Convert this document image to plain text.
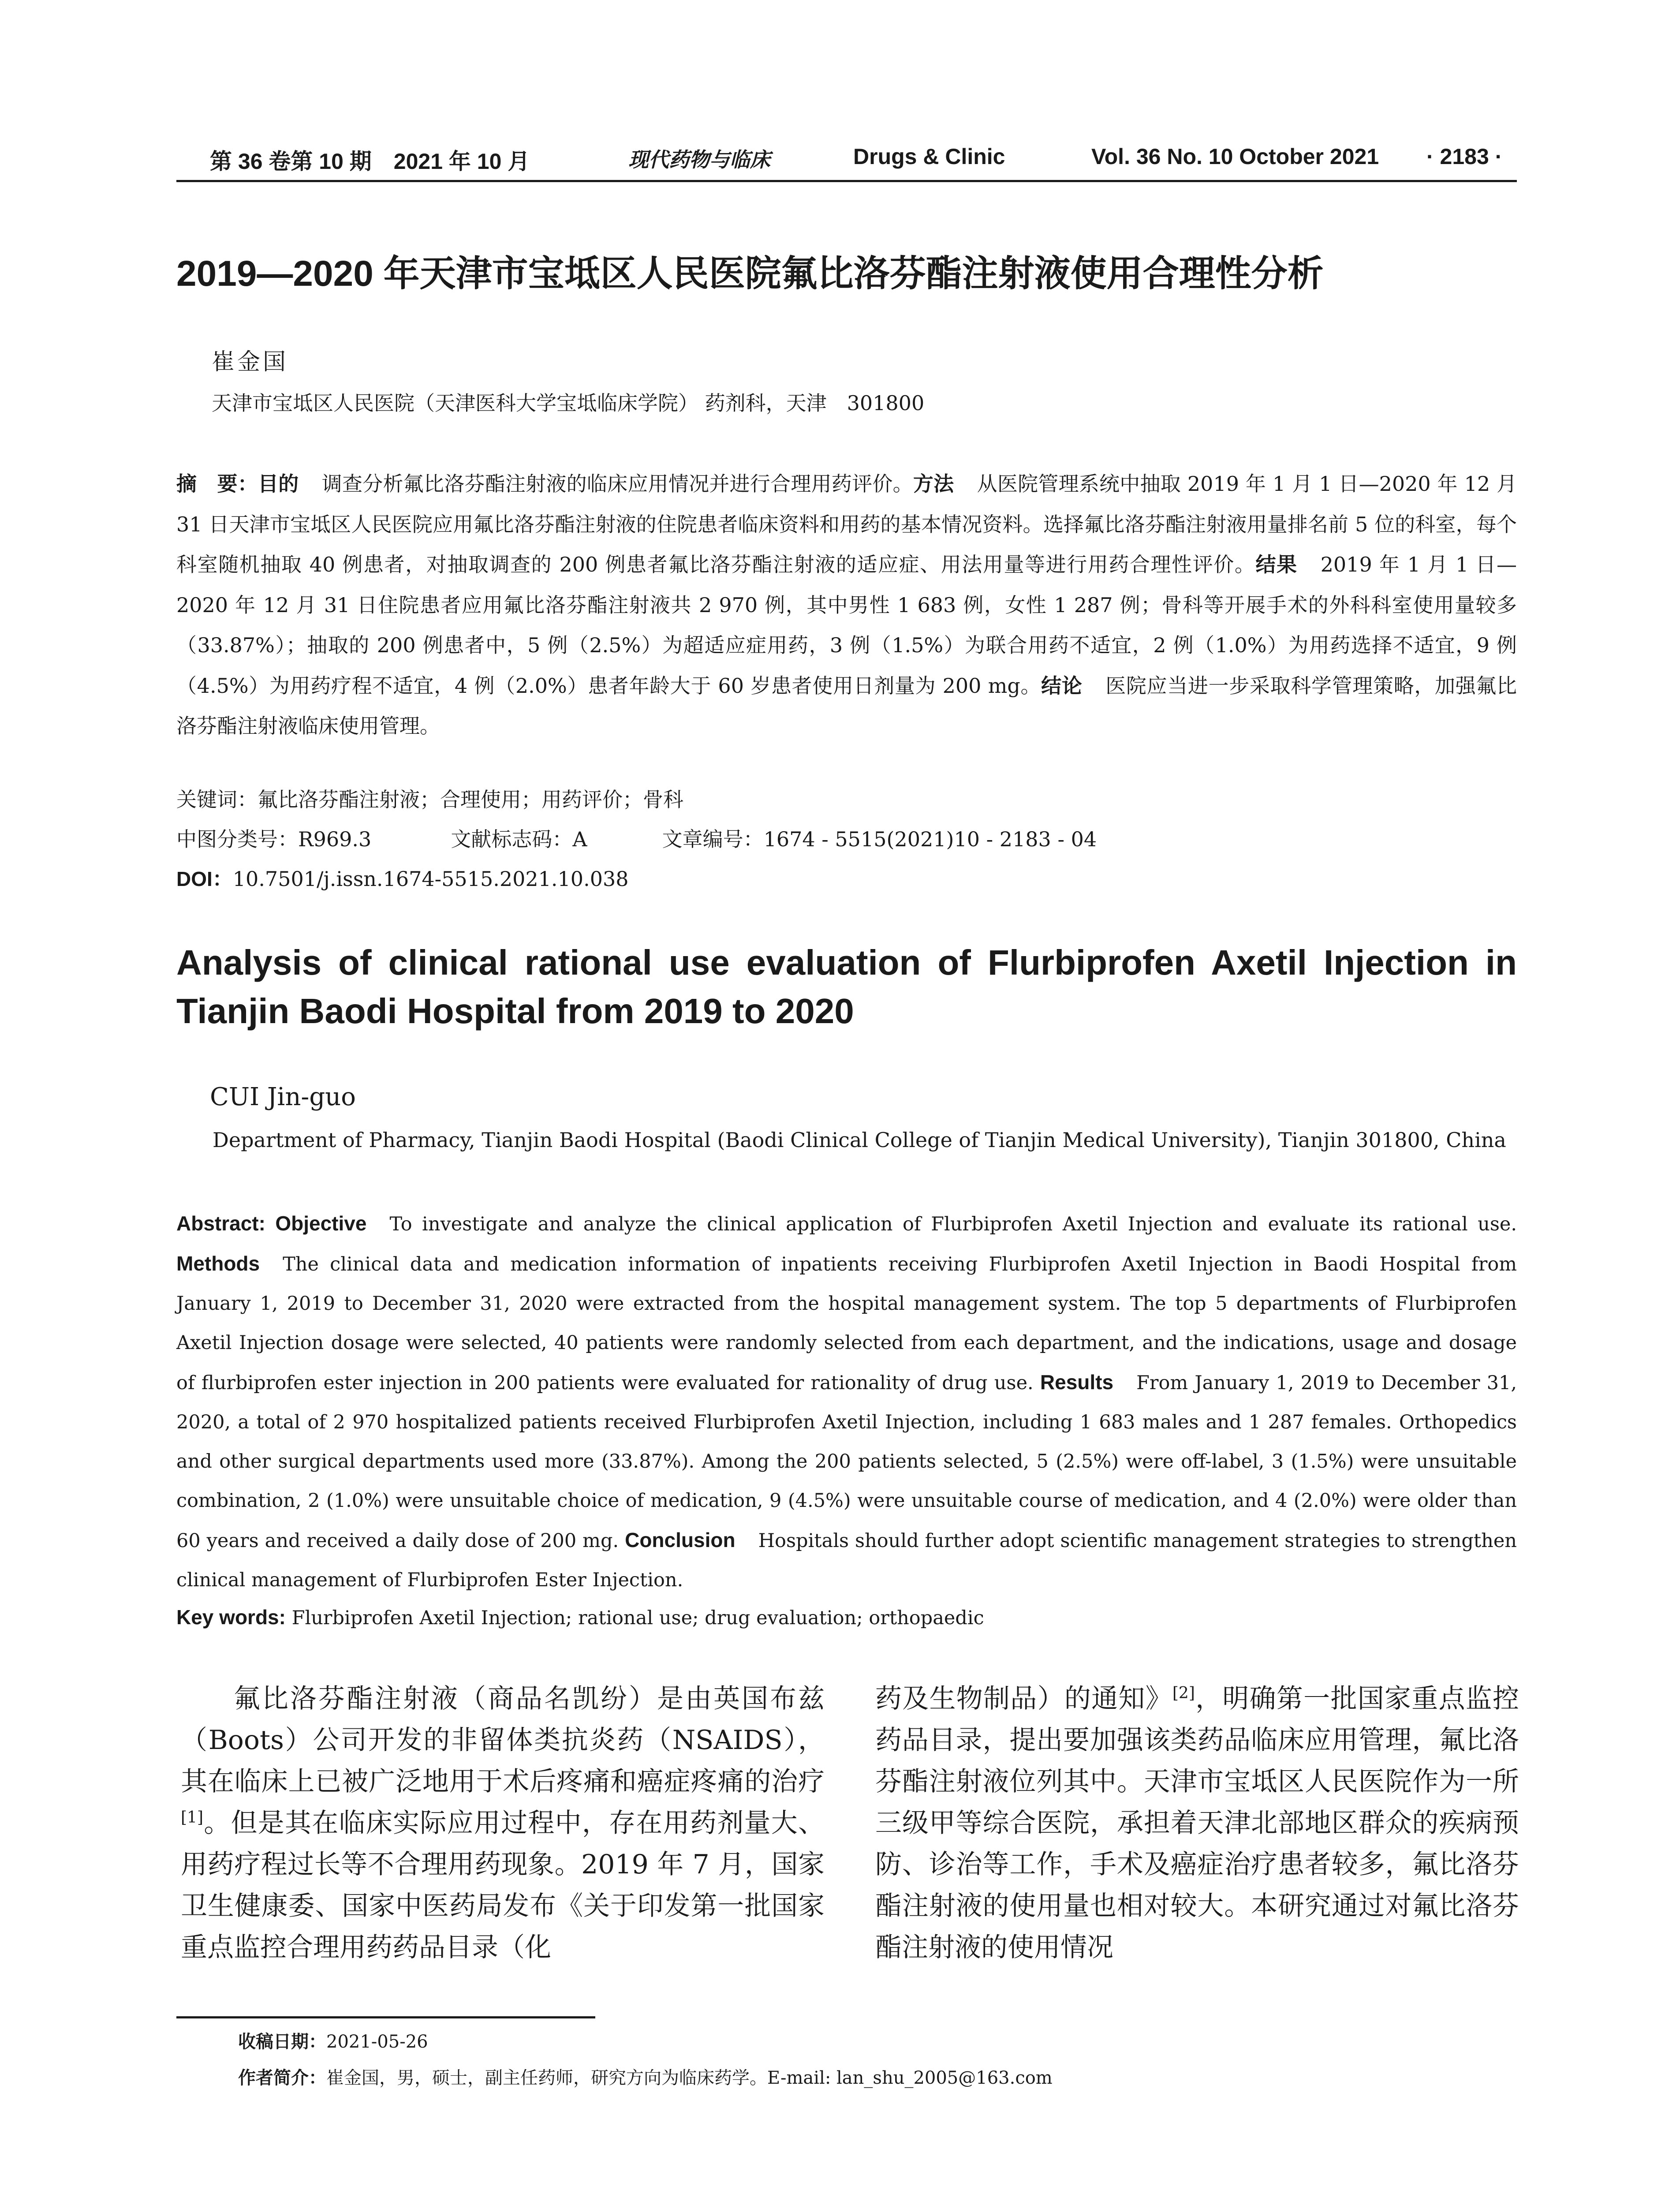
第 36 卷第 10 期　2021 年 10 月	现代药物与临床	Drugs & Clinic	Vol. 36 No. 10 October 2021 · 2183 ·
2019—2020 年天津市宝坻区人民医院氟比洛芬酯注射液使用合理性分析
崔金国
天津市宝坻区人民医院（天津医科大学宝坻临床学院） 药剂科，天津　301800
摘　要：目的 调查分析氟比洛芬酯注射液的临床应用情况并进行合理用药评价。方法 从医院管理系统中抽取 2019 年 1 月 1 日—2020 年 12 月 31 日天津市宝坻区人民医院应用氟比洛芬酯注射液的住院患者临床资料和用药的基本情况资料。选择氟比洛芬酯注射液用量排名前 5 位的科室，每个科室随机抽取 40 例患者，对抽取调查的 200 例患者氟比洛芬酯注射液的适应症、用法用量等进行用药合理性评价。结果 2019 年 1 月 1 日—2020 年 12 月 31 日住院患者应用氟比洛芬酯注射液共 2 970 例，其中男性 1 683 例，女性 1 287 例；骨科等开展手术的外科科室使用量较多（33.87%）；抽取的 200 例患者中，5 例（2.5%）为超适应症用药，3 例（1.5%）为联合用药不适宜，2 例（1.0%）为用药选择不适宜，9 例（4.5%）为用药疗程不适宜，4 例（2.0%）患者年龄大于 60 岁患者使用日剂量为 200 mg。结论 医院应当进一步采取科学管理策略，加强氟比洛芬酯注射液临床使用管理。
关键词：氟比洛芬酯注射液；合理使用；用药评价；骨科
中图分类号：R969.3	文献标志码：A	文章编号：1674 - 5515(2021)10 - 2183 - 04
DOI：10.7501/j.issn.1674-5515.2021.10.038
Analysis of clinical rational use evaluation of Flurbiprofen Axetil Injection in Tianjin Baodi Hospital from 2019 to 2020
CUI Jin-guo
Department of Pharmacy, Tianjin Baodi Hospital (Baodi Clinical College of Tianjin Medical University), Tianjin 301800, China
Abstract: Objective To investigate and analyze the clinical application of Flurbiprofen Axetil Injection and evaluate its rational use. Methods The clinical data and medication information of inpatients receiving Flurbiprofen Axetil Injection in Baodi Hospital from January 1, 2019 to December 31, 2020 were extracted from the hospital management system. The top 5 departments of Flurbiprofen Axetil Injection dosage were selected, 40 patients were randomly selected from each department, and the indications, usage and dosage of flurbiprofen ester injection in 200 patients were evaluated for rationality of drug use. Results From January 1, 2019 to December 31, 2020, a total of 2 970 hospitalized patients received Flurbiprofen Axetil Injection, including 1 683 males and 1 287 females. Orthopedics and other surgical departments used more (33.87%). Among the 200 patients selected, 5 (2.5%) were off-label, 3 (1.5%) were unsuitable combination, 2 (1.0%) were unsuitable choice of medication, 9 (4.5%) were unsuitable course of medication, and 4 (2.0%) were older than 60 years and received a daily dose of 200 mg. Conclusion Hospitals should further adopt scientific management strategies to strengthen clinical management of Flurbiprofen Ester Injection.
Key words: Flurbiprofen Axetil Injection; rational use; drug evaluation; orthopaedic
氟比洛芬酯注射液（商品名凯纷）是由英国布兹（Boots）公司开发的非留体类抗炎药（NSAIDS），其在临床上已被广泛地用于术后疼痛和癌症疼痛的治疗[1]。但是其在临床实际应用过程中，存在用药剂量大、用药疗程过长等不合理用药现象。2019 年 7 月，国家卫生健康委、国家中医药局发布《关于印发第一批国家重点监控合理用药药品目录（化
药及生物制品）的通知》[2]，明确第一批国家重点监控药品目录，提出要加强该类药品临床应用管理，氟比洛芬酯注射液位列其中。天津市宝坻区人民医院作为一所三级甲等综合医院，承担着天津北部地区群众的疾病预防、诊治等工作，手术及癌症治疗患者较多，氟比洛芬酯注射液的使用量也相对较大。本研究通过对氟比洛芬酯注射液的使用情况
收稿日期：2021-05-26
作者简介：崔金国，男，硕士，副主任药师，研究方向为临床药学。E-mail: lan_shu_2005@163.com
